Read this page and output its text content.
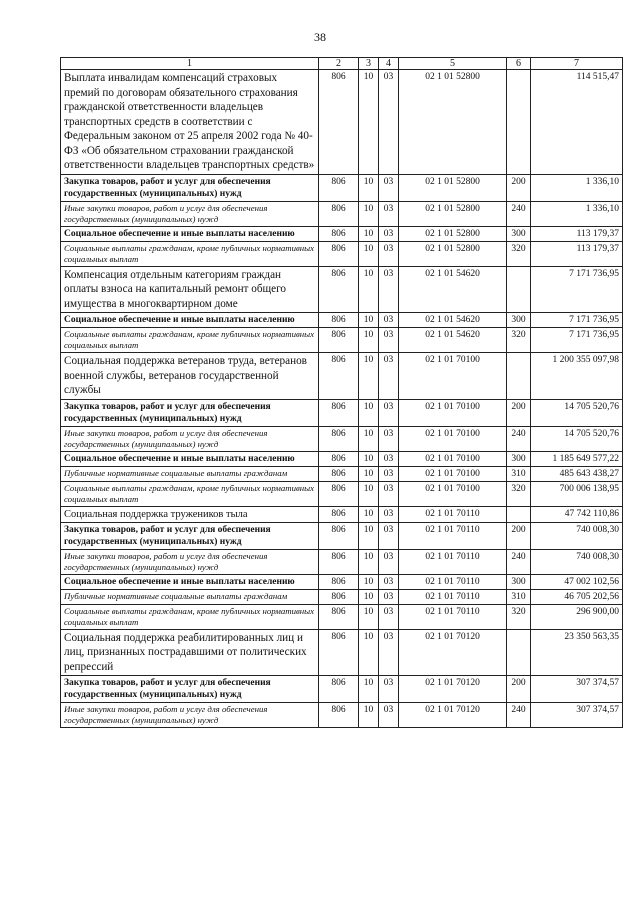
38
1	2	3	4	5	6	7
Выплата инвалидам компенсаций страховых премий по договорам обязательного страхования гражданской ответственности владельцев транспортных средств в соответствии с Федеральным законом от 25 апреля 2002 года № 40-ФЗ «Об обязательном страховании гражданской ответственности владельцев транспортных средств»	806	10	03	02 1 01 52800		114 515,47
Закупка товаров, работ и услуг для обеспечения государственных (муниципальных) нужд	806	10	03	02 1 01 52800	200	1 336,10
Иные закупки товаров, работ и услуг для обеспечения государственных (муниципальных) нужд	806	10	03	02 1 01 52800	240	1 336,10
Социальное обеспечение и иные выплаты населению	806	10	03	02 1 01 52800	300	113 179,37
Социальные выплаты гражданам, кроме публичных нормативных социальных выплат	806	10	03	02 1 01 52800	320	113 179,37
Компенсация отдельным категориям граждан оплаты взноса на капитальный ремонт общего имущества в многоквартирном доме	806	10	03	02 1 01 54620		7 171 736,95
Социальное обеспечение и иные выплаты населению	806	10	03	02 1 01 54620	300	7 171 736,95
Социальные выплаты гражданам, кроме публичных нормативных социальных выплат	806	10	03	02 1 01 54620	320	7 171 736,95
Социальная поддержка ветеранов труда, ветеранов военной службы, ветеранов государственной службы	806	10	03	02 1 01 70100		1 200 355 097,98
Закупка товаров, работ и услуг для обеспечения государственных (муниципальных) нужд	806	10	03	02 1 01 70100	200	14 705 520,76
Иные закупки товаров, работ и услуг для обеспечения государственных (муниципальных) нужд	806	10	03	02 1 01 70100	240	14 705 520,76
Социальное обеспечение и иные выплаты населению	806	10	03	02 1 01 70100	300	1 185 649 577,22
Публичные нормативные социальные выплаты гражданам	806	10	03	02 1 01 70100	310	485 643 438,27
Социальные выплаты гражданам, кроме публичных нормативных социальных выплат	806	10	03	02 1 01 70100	320	700 006 138,95
Социальная поддержка тружеников тыла	806	10	03	02 1 01 70110		47 742 110,86
Закупка товаров, работ и услуг для обеспечения государственных (муниципальных) нужд	806	10	03	02 1 01 70110	200	740 008,30
Иные закупки товаров, работ и услуг для обеспечения государственных (муниципальных) нужд	806	10	03	02 1 01 70110	240	740 008,30
Социальное обеспечение и иные выплаты населению	806	10	03	02 1 01 70110	300	47 002 102,56
Публичные нормативные социальные выплаты гражданам	806	10	03	02 1 01 70110	310	46 705 202,56
Социальные выплаты гражданам, кроме публичных нормативных социальных выплат	806	10	03	02 1 01 70110	320	296 900,00
Социальная поддержка реабилитированных лиц и лиц, признанных пострадавшими от политических репрессий	806	10	03	02 1 01 70120		23 350 563,35
Закупка товаров, работ и услуг для обеспечения государственных (муниципальных) нужд	806	10	03	02 1 01 70120	200	307 374,57
Иные закупки товаров, работ и услуг для обеспечения государственных (муниципальных) нужд	806	10	03	02 1 01 70120	240	307 374,57
